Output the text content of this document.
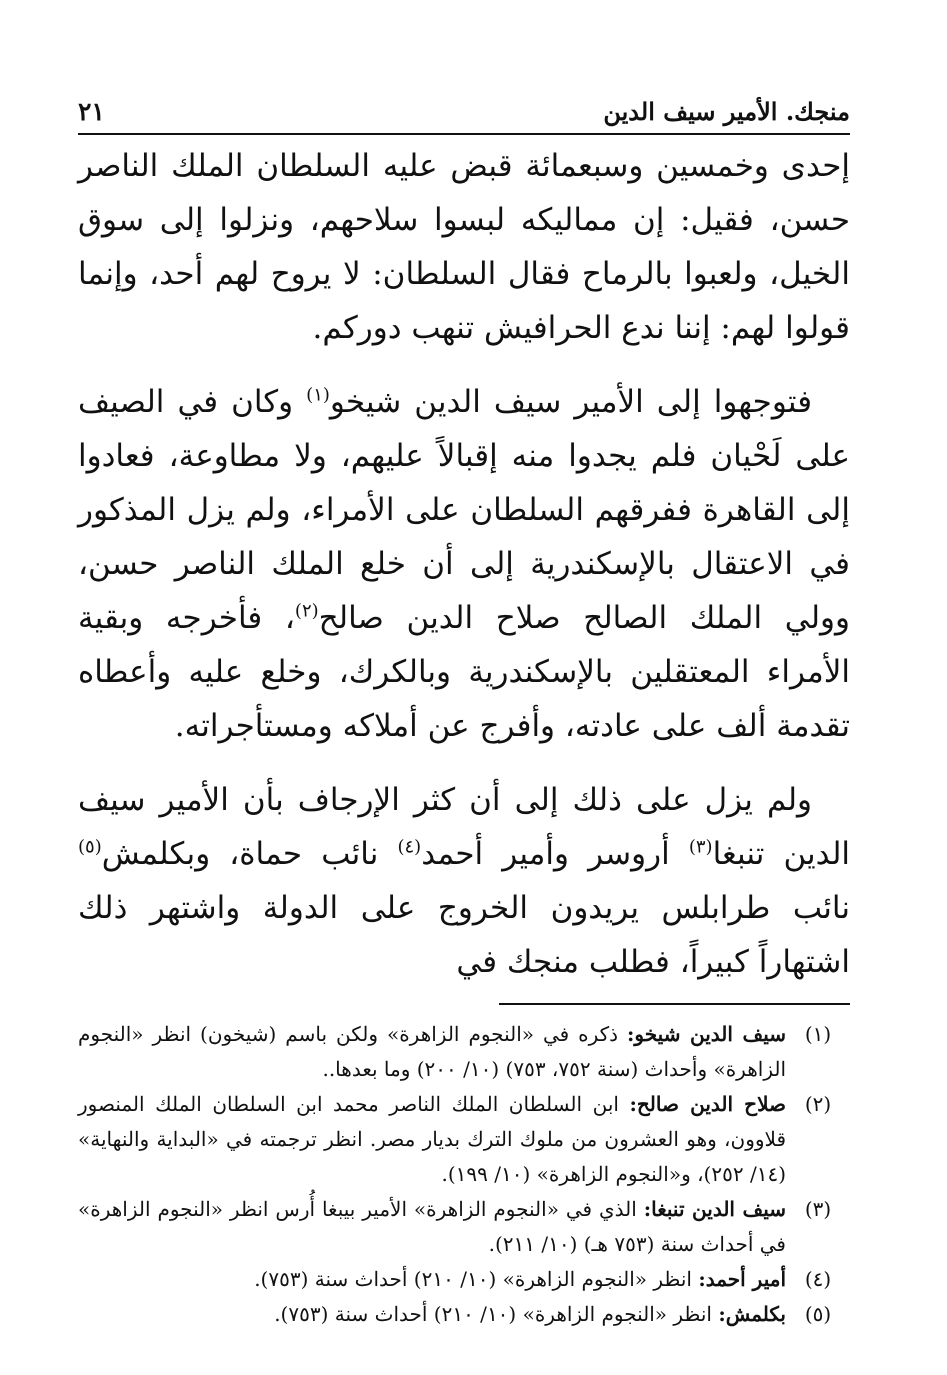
منجك. الأمير سيف الدين
٢١

إحدى وخمسين وسبعمائة قبض عليه السلطان الملك الناصر حسن، فقيل: إن مماليكه لبسوا سلاحهم، ونزلوا إلى سوق الخيل، ولعبوا بالرماح فقال السلطان: لا يروح لهم أحد، وإنما قولوا لهم: إننا ندع الحرافيش تنهب دوركم.

فتوجهوا إلى الأمير سيف الدين شيخو$^{(١)}$ وكان في الصيف على لَحْيان فلم يجدوا منه إقبالاً عليهم، ولا مطاوعة، فعادوا إلى القاهرة ففرقهم السلطان على الأمراء، ولم يزل المذكور في الاعتقال بالإسكندرية إلى أن خلع الملك الناصر حسن، وولي الملك الصالح صلاح الدين صالح$^{(٢)}$، فأخرجه وبقية الأمراء المعتقلين بالإسكندرية وبالكرك، وخلع عليه وأعطاه تقدمة ألف على عادته، وأفرج عن أملاكه ومستأجراته.

ولم يزل على ذلك إلى أن كثر الإرجاف بأن الأمير سيف الدين تنبغا$^{(٣)}$ أروسر وأمير أحمد$^{(٤)}$ نائب حماة، وبكلمش$^{(٥)}$ نائب طرابلس يريدون الخروج على الدولة واشتهر ذلك اشتهاراً كبيراً، فطلب منجك في

(١)
سيف الدين شيخو: ذكره في «النجوم الزاهرة» ولكن باسم (شيخون) انظر «النجوم الزاهرة» وأحداث (سنة ٧٥٢، ٧٥٣) (١٠/ ٢٠٠) وما بعدها..
(٢)
صلاح الدين صالح: ابن السلطان الملك الناصر محمد ابن السلطان الملك المنصور قلاوون، وهو العشرون من ملوك الترك بديار مصر. انظر ترجمته في «البداية والنهاية» (١٤/ ٢٥٢)، و«النجوم الزاهرة» (١٠/ ١٩٩).
(٣)
سيف الدين تنبغا: الذي في «النجوم الزاهرة» الأمير بيبغا أُرس انظر «النجوم الزاهرة» في أحداث سنة (٧٥٣ هـ) (١٠/ ٢١١).
(٤)
أمير أحمد: انظر «النجوم الزاهرة» (١٠/ ٢١٠) أحداث سنة (٧٥٣).
(٥)
بكلمش: انظر «النجوم الزاهرة» (١٠/ ٢١٠) أحداث سنة (٧٥٣).
